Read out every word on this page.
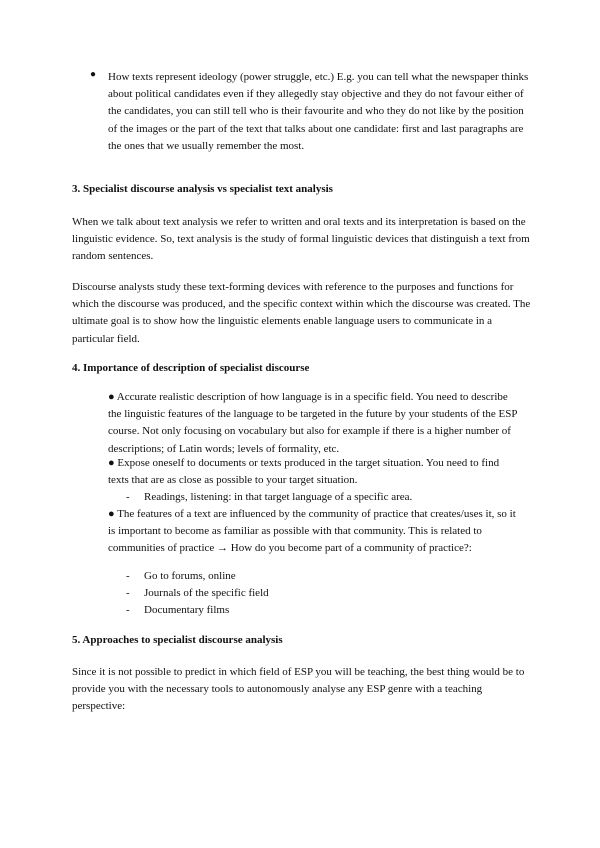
● How texts represent ideology (power struggle, etc.) E.g. you can tell what the newspaper thinks about political candidates even if they allegedly stay objective and they do not favour either of the candidates, you can still tell who is their favourite and who they do not like by the position of the images or the part of the text that talks about one candidate: first and last paragraphs are the ones that we usually remember the most.
3. Specialist discourse analysis vs specialist text analysis
When we talk about text analysis we refer to written and oral texts and its interpretation is based on the linguistic evidence. So, text analysis is the study of formal linguistic devices that distinguish a text from random sentences.
Discourse analysts study these text-forming devices with reference to the purposes and functions for which the discourse was produced, and the specific context within which the discourse was created. The ultimate goal is to show how the linguistic elements enable language users to communicate in a particular field.
4. Importance of description of specialist discourse
● Accurate realistic description of how language is in a specific field. You need to describe the linguistic features of the language to be targeted in the future by your students of the ESP course. Not only focusing on vocabulary but also for example if there is a higher number of descriptions; of Latin words; levels of formality, etc.
● Expose oneself to documents or texts produced in the target situation. You need to find texts that are as close as possible to your target situation.
- Readings, listening: in that target language of a specific area.
● The features of a text are influenced by the community of practice that creates/uses it, so it is important to become as familiar as possible with that community. This is related to communities of practice → How do you become part of a community of practice?:
- Go to forums, online
- Journals of the specific field
- Documentary films
5. Approaches to specialist discourse analysis
Since it is not possible to predict in which field of ESP you will be teaching, the best thing would be to provide you with the necessary tools to autonomously analyse any ESP genre with a teaching perspective:
